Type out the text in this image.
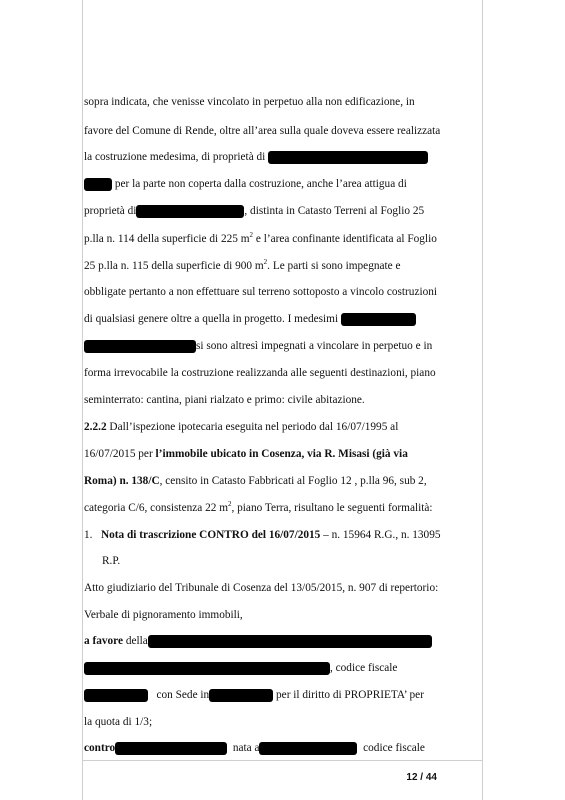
sopra indicata, che venisse vincolato in perpetuo alla non edificazione, in
favore del Comune di Rende, oltre all’area sulla quale doveva essere realizzata
la costruzione medesima, di proprietà di
per la parte non coperta dalla costruzione, anche l’area attigua di
proprietà di	, distinta in Catasto Terreni al Foglio 25
p.lla n. 114 della superficie di 225 $m^2$ e l’area confinante identificata al Foglio
25 p.lla n. 115 della superficie di 900 $m^2$. Le parti si sono impegnate e
obbligate pertanto a non effettuare sul terreno sottoposto a vincolo costruzioni
di qualsiasi genere oltre a quella in progetto. I medesimi
si sono altresì impegnati a vincolare in perpetuo e in
forma irrevocabile la costruzione realizzanda alle seguenti destinazioni, piano
seminterrato: cantina, piani rialzato e primo: civile abitazione.
2.2.2 Dall’ispezione ipotecaria eseguita nel periodo dal 16/07/1995 al
16/07/2015 per l’immobile ubicato in Cosenza, via R. Misasi (già via
Roma) n. 138/C, censito in Catasto Fabbricati al Foglio 12 , p.lla 96, sub 2,
categoria C/6, consistenza 22 $m^2$, piano Terra, risultano le seguenti formalità:
1. Nota di trascrizione CONTRO del 16/07/2015 – n. 15964 R.G., n. 13095
R.P.
Atto giudiziario del Tribunale di Cosenza del 13/05/2015, n. 907 di repertorio:
Verbale di pignoramento immobili,
a favore della
, codice fiscale
con Sede in	per il diritto di PROPRIETA’ per
la quota di 1/3;
contro	nata a	codice fiscale
12 / 44
